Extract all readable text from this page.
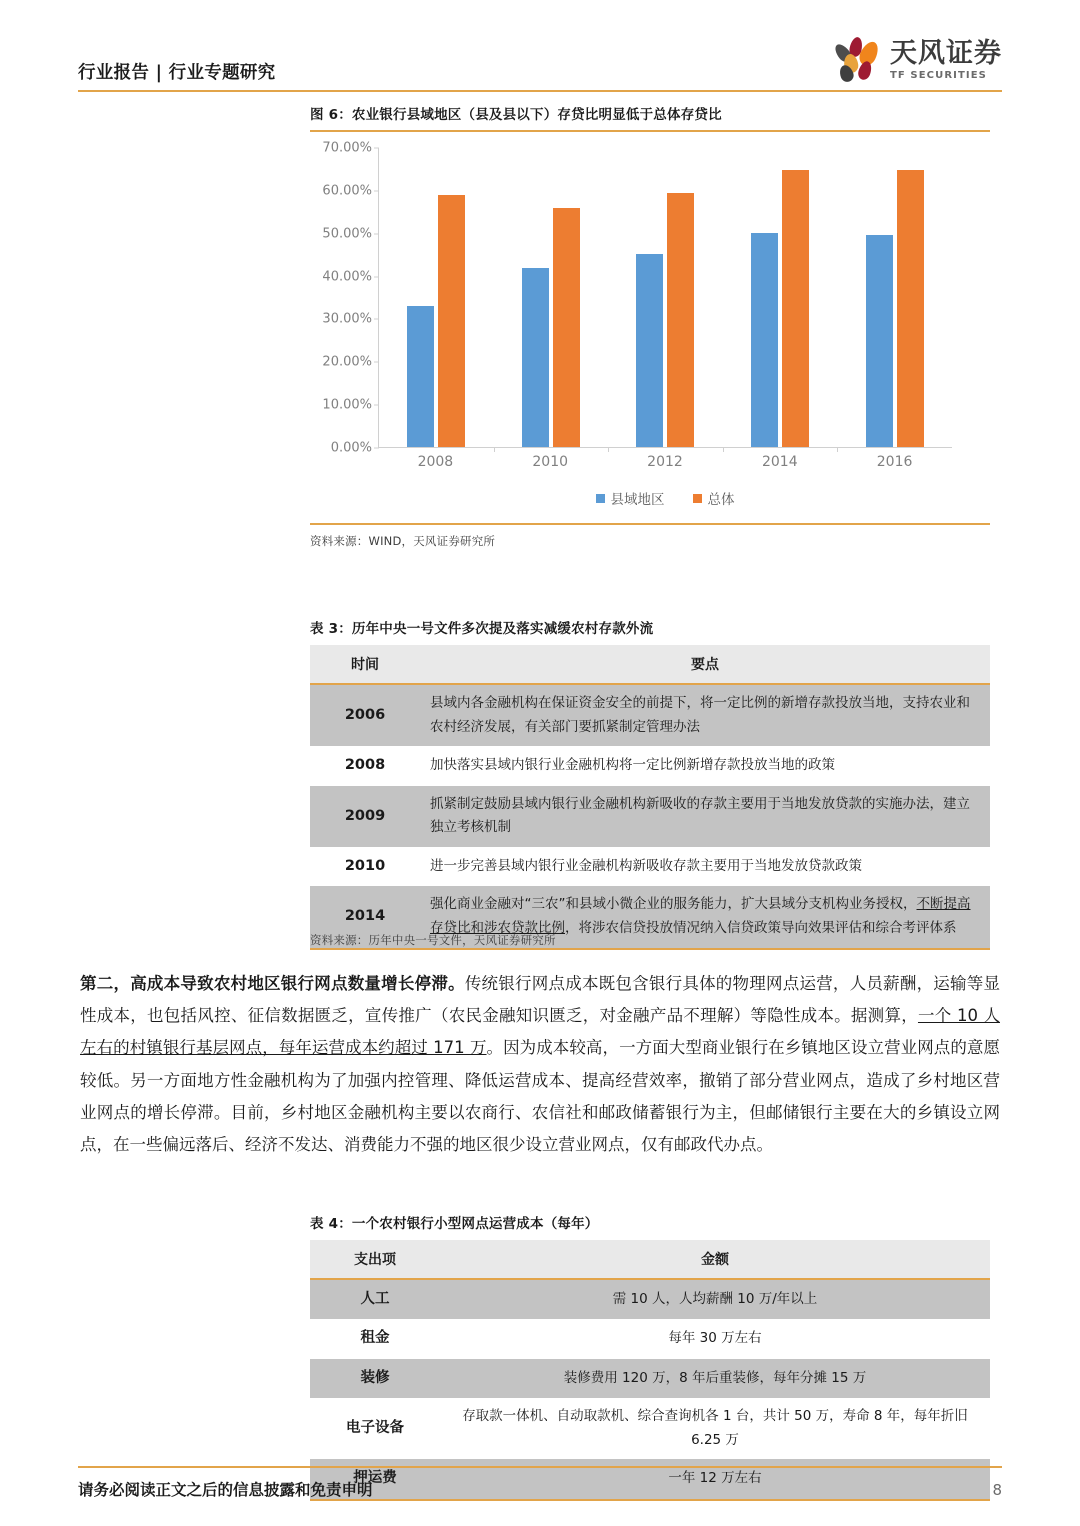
行业报告 | 行业专题研究
天风证券
TF SECURITIES
图 6：农业银行县域地区（县及县以下）存贷比明显低于总体存贷比
0.00%
10.00%
20.00%
30.00%
40.00%
50.00%
60.00%
70.00%
2008	2010	2012	2014	2016
县域地区	总体
资料来源：WIND，天风证券研究所
表 3：历年中央一号文件多次提及落实减缓农村存款外流
时间	要点
2006	县域内各金融机构在保证资金安全的前提下，将一定比例的新增存款投放当地，支持农业和农村经济发展，有关部门要抓紧制定管理办法
2008	加快落实县域内银行业金融机构将一定比例新增存款投放当地的政策
2009	抓紧制定鼓励县域内银行业金融机构新吸收的存款主要用于当地发放贷款的实施办法，建立独立考核机制
2010	进一步完善县域内银行业金融机构新吸收存款主要用于当地发放贷款政策
2014	强化商业金融对“三农”和县域小微企业的服务能力，扩大县域分支机构业务授权，不断提高存贷比和涉农贷款比例，将涉农信贷投放情况纳入信贷政策导向效果评估和综合考评体系
资料来源：历年中央一号文件，天风证券研究所
第二，高成本导致农村地区银行网点数量增长停滞。传统银行网点成本既包含银行具体的物理网点运营，人员薪酬，运输等显性成本，也包括风控、征信数据匮乏，宣传推广（农民金融知识匮乏，对金融产品不理解）等隐性成本。据测算，一个 10 人左右的村镇银行基层网点，每年运营成本约超过 171 万。因为成本较高，一方面大型商业银行在乡镇地区设立营业网点的意愿较低。另一方面地方性金融机构为了加强内控管理、降低运营成本、提高经营效率，撤销了部分营业网点，造成了乡村地区营业网点的增长停滞。目前，乡村地区金融机构主要以农商行、农信社和邮政储蓄银行为主，但邮储银行主要在大的乡镇设立网点，在一些偏远落后、经济不发达、消费能力不强的地区很少设立营业网点，仅有邮政代办点。
表 4：一个农村银行小型网点运营成本（每年）
支出项	金额
人工	需 10 人，人均薪酬 10 万/年以上
租金	每年 30 万左右
装修	装修费用 120 万，8 年后重装修，每年分摊 15 万
电子设备	存取款一体机、自动取款机、综合查询机各 1 台，共计 50 万，寿命 8 年，每年折旧 6.25 万
押运费	一年 12 万左右
请务必阅读正文之后的信息披露和免责申明	8
